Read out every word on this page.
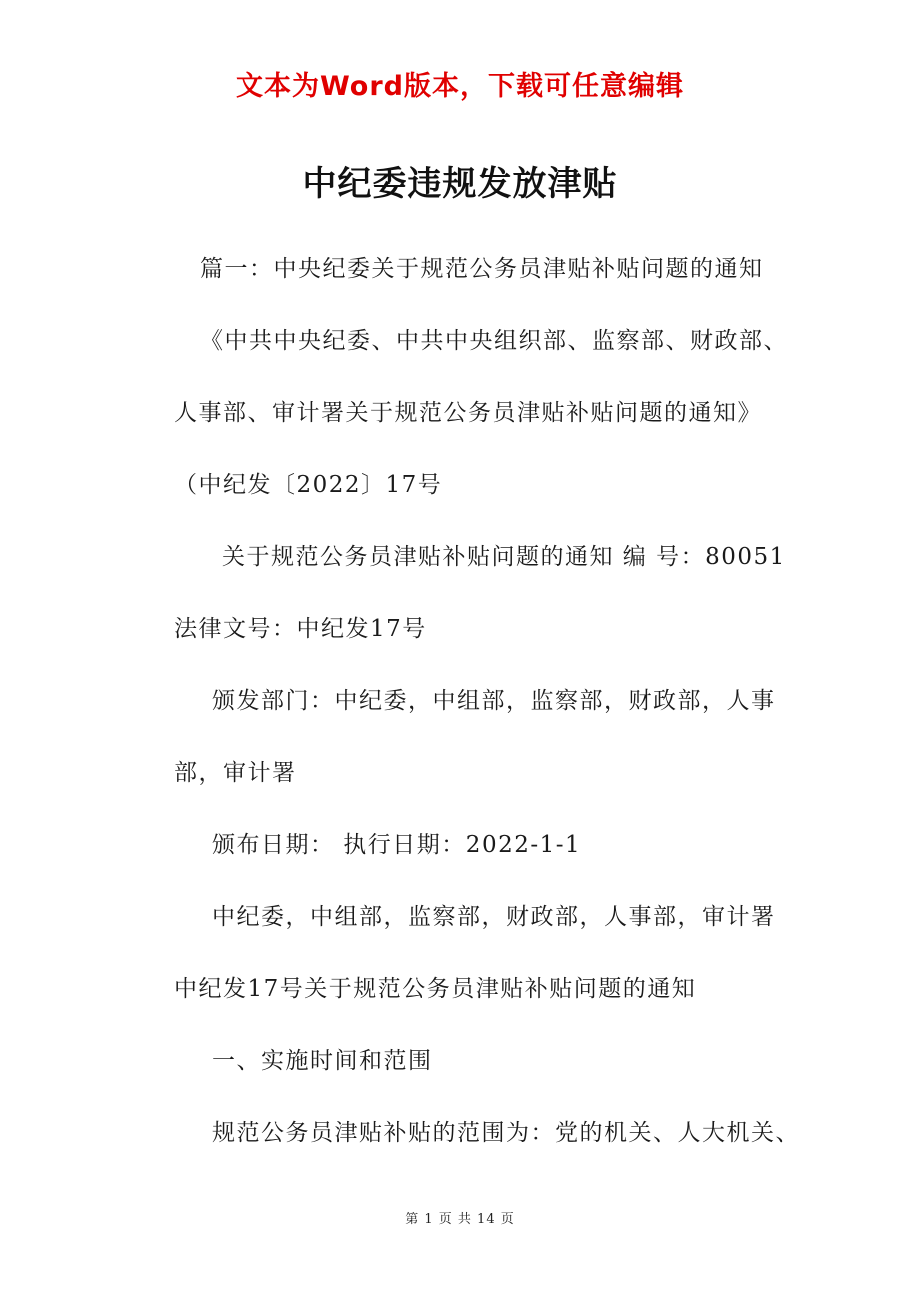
文本为Word版本，下载可任意编辑
中纪委违规发放津贴
篇一：中央纪委关于规范公务员津贴补贴问题的通知
《中共中央纪委、中共中央组织部、监察部、财政部、
人事部、审计署关于规范公务员津贴补贴问题的通知》
（中纪发〔2022〕17号
关于规范公务员津贴补贴问题的通知 编 号：80051
法律文号：中纪发17号
颁发部门：中纪委，中组部，监察部，财政部，人事
部，审计署
颁布日期： 执行日期：2022-1-1
中纪委，中组部，监察部，财政部，人事部，审计署
中纪发17号关于规范公务员津贴补贴问题的通知
一、实施时间和范围
规范公务员津贴补贴的范围为：党的机关、人大机关、
第 1 页 共 14 页
